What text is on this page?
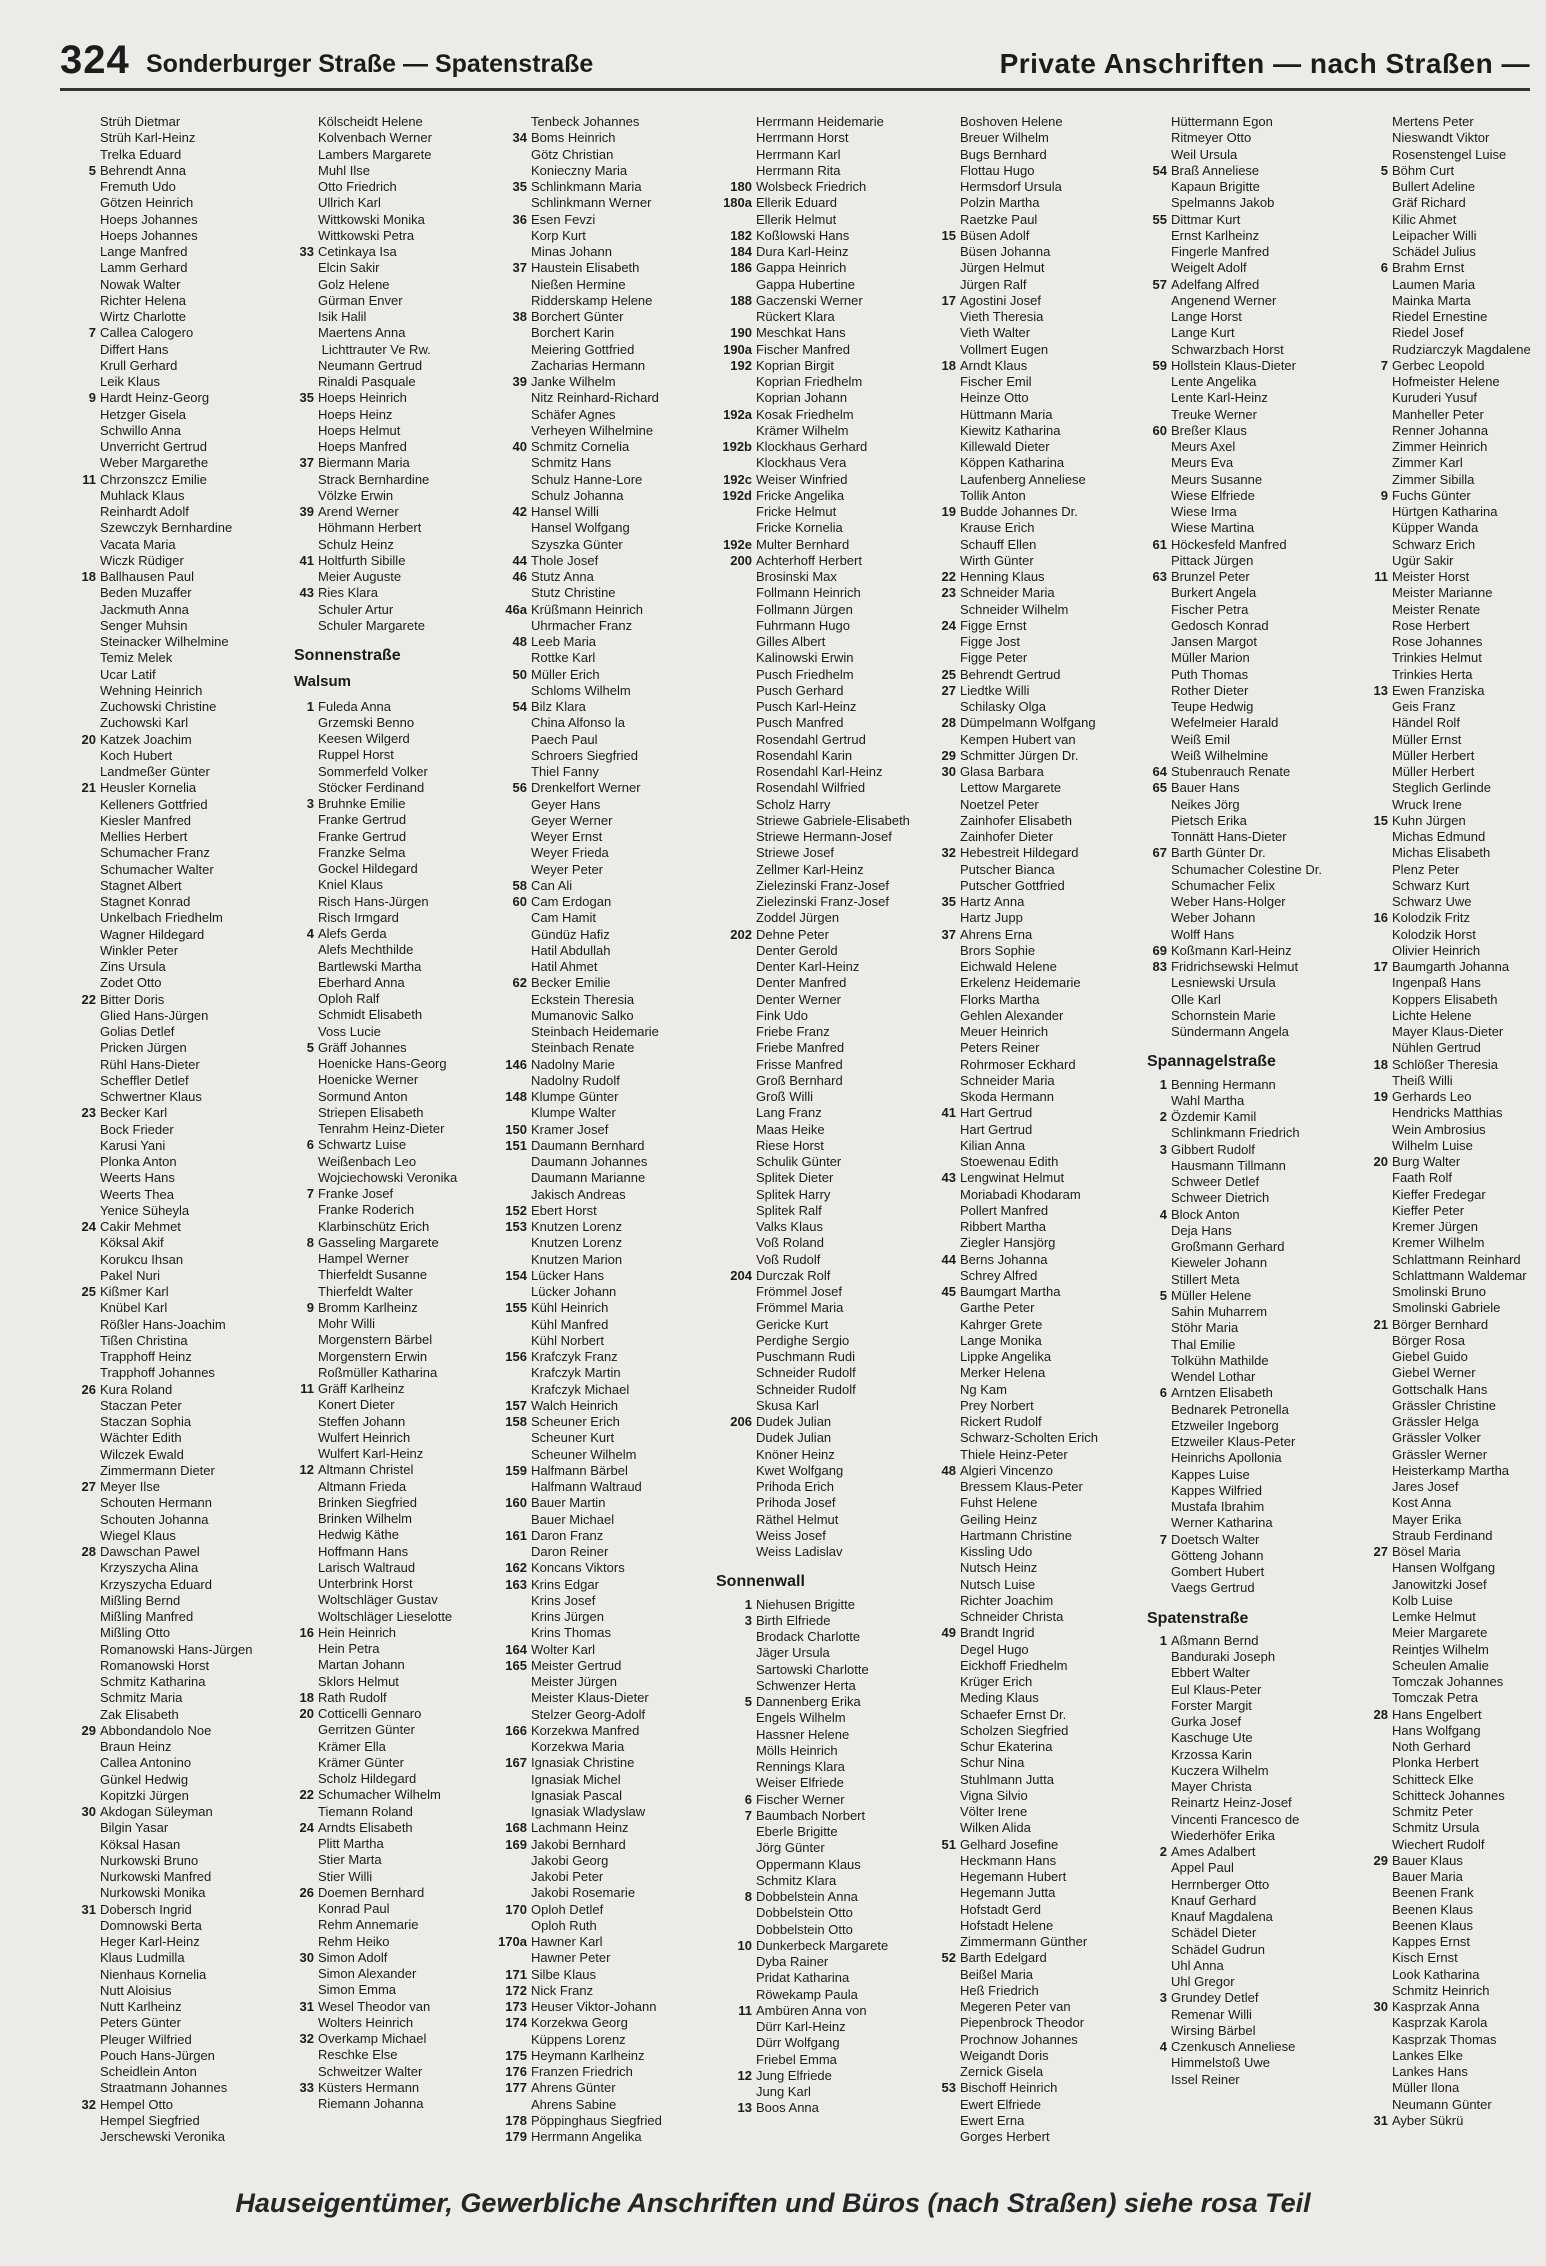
324 Sonderburger Straße — Spatenstraße	Private Anschriften — nach Straßen —
Strüh Dietmar
Strüh Karl-Heinz
Trelka Eduard
5 Behrendt Anna
Fremuth Udo
Götzen Heinrich
Hoeps Johannes
Hoeps Johannes
Lange Manfred
Lamm Gerhard
Nowak Walter
Richter Helena
Wirtz Charlotte
7 Callea Calogero
Differt Hans
Krull Gerhard
Leik Klaus
9 Hardt Heinz-Georg
Hetzger Gisela
Schwillo Anna
Unverricht Gertrud
Weber Margarethe
11 Chrzonszcz Emilie
Muhlack Klaus
Reinhardt Adolf
Szewczyk Bernhardine
Vacata Maria
Wiczk Rüdiger
18 Ballhausen Paul
Beden Muzaffer
Jackmuth Anna
Senger Muhsin
Steinacker Wilhelmine
Temiz Melek
Ucar Latif
Wehning Heinrich
Zuchowski Christine
Zuchowski Karl
20 Katzek Joachim
Koch Hubert
Landmeßer Günter
21 Heusler Kornelia
Kelleners Gottfried
Kiesler Manfred
Mellies Herbert
Schumacher Franz
Schumacher Walter
Stagnet Albert
Stagnet Konrad
Unkelbach Friedhelm
Wagner Hildegard
Winkler Peter
Zins Ursula
Zodet Otto
22 Bitter Doris
Glied Hans-Jürgen
Golias Detlef
Pricken Jürgen
Rühl Hans-Dieter
Scheffler Detlef
Schwertner Klaus
23 Becker Karl
Bock Frieder
Karusi Yani
Plonka Anton
Weerts Hans
Weerts Thea
Yenice Süheyla
24 Cakir Mehmet
Köksal Akif
Korukcu Ihsan
Pakel Nuri
25 Kißmer Karl
Knübel Karl
Rößler Hans-Joachim
Tißen Christina
Trapphoff Heinz
Trapphoff Johannes
26 Kura Roland
Staczan Peter
Staczan Sophia
Wächter Edith
Wilczek Ewald
Zimmermann Dieter
27 Meyer Ilse
Schouten Hermann
Schouten Johanna
Wiegel Klaus
28 Dawschan Pawel
Krzyszycha Alina
Krzyszycha Eduard
Mißling Bernd
Mißling Manfred
Mißling Otto
Romanowski Hans-Jürgen
Romanowski Horst
Schmitz Katharina
Schmitz Maria
Zak Elisabeth
29 Abbondandolo Noe
Braun Heinz
Callea Antonino
Günkel Hedwig
Kopitzki Jürgen
30 Akdogan Süleyman
Bilgin Yasar
Köksal Hasan
Nurkowski Bruno
Nurkowski Manfred
Nurkowski Monika
31 Dobersch Ingrid
Domnowski Berta
Heger Karl-Heinz
Klaus Ludmilla
Nienhaus Kornelia
Nutt Aloisius
Nutt Karlheinz
Peters Günter
Pleuger Wilfried
Pouch Hans-Jürgen
Scheidlein Anton
Straatmann Johannes
32 Hempel Otto
Hempel Siegfried
Jerschewski Veronika
Kölscheidt Helene
Kolvenbach Werner
Lambers Margarete
Muhl Ilse
Otto Friedrich
Ullrich Karl
Wittkowski Monika
Wittkowski Petra
33 Cetinkaya Isa
Elcin Sakir
Golz Helene
Gürman Enver
Isik Halil
Maertens Anna
Lichttrauter Ve Rw.
Neumann Gertrud
Rinaldi Pasquale
35 Hoeps Heinrich
Hoeps Heinz
Hoeps Helmut
Hoeps Manfred
37 Biermann Maria
Strack Bernhardine
Völzke Erwin
39 Arend Werner
Höhmann Herbert
Schulz Heinz
41 Holtfurth Sibille
Meier Auguste
43 Ries Klara
Schuler Artur
Schuler Margarete
Sonnenstraße
Walsum
1 Fuleda Anna
Grzemski Benno
Keesen Wilgerd
Ruppel Horst
Sommerfeld Volker
Stöcker Ferdinand
3 Bruhnke Emilie
Franke Gertrud
Franke Gertrud
Franzke Selma
Gockel Hildegard
Kniel Klaus
Risch Hans-Jürgen
Risch Irmgard
4 Alefs Gerda
Alefs Mechthilde
Bartlewski Martha
Eberhard Anna
Oploh Ralf
Schmidt Elisabeth
Voss Lucie
5 Gräff Johannes
Hoenicke Hans-Georg
Hoenicke Werner
Sormund Anton
Striepen Elisabeth
Tenrahm Heinz-Dieter
6 Schwartz Luise
Weißenbach Leo
Wojciechowski Veronika
7 Franke Josef
Franke Roderich
Klarbinschütz Erich
8 Gasseling Margarete
Hampel Werner
Thierfeldt Susanne
Thierfeldt Walter
9 Bromm Karlheinz
Mohr Willi
Morgenstern Bärbel
Morgenstern Erwin
Roßmüller Katharina
11 Gräff Karlheinz
Konert Dieter
Steffen Johann
Wulfert Heinrich
Wulfert Karl-Heinz
12 Altmann Christel
Altmann Frieda
Brinken Siegfried
Brinken Wilhelm
Hedwig Käthe
Hoffmann Hans
Larisch Waltraud
Unterbrink Horst
Woltschläger Gustav
Woltschläger Lieselotte
16 Hein Heinrich
Hein Petra
Martan Johann
Sklors Helmut
18 Rath Rudolf
20 Cotticelli Gennaro
Gerritzen Günter
Krämer Ella
Krämer Günter
Scholz Hildegard
22 Schumacher Wilhelm
Tiemann Roland
24 Arndts Elisabeth
Plitt Martha
Stier Marta
Stier Willi
26 Doemen Bernhard
Konrad Paul
Rehm Annemarie
Rehm Heiko
30 Simon Adolf
Simon Alexander
Simon Emma
31 Wesel Theodor van
Wolters Heinrich
32 Overkamp Michael
Reschke Else
Schweitzer Walter
33 Küsters Hermann
Riemann Johanna
Tenbeck Johannes
34 Boms Heinrich
Götz Christian
Konieczny Maria
35 Schlinkmann Maria
Schlinkmann Werner
36 Esen Fevzi
Korp Kurt
Minas Johann
37 Haustein Elisabeth
Nießen Hermine
Ridderskamp Helene
38 Borchert Günter
Borchert Karin
Meiering Gottfried
Zacharias Hermann
39 Janke Wilhelm
Nitz Reinhard-Richard
Schäfer Agnes
Verheyen Wilhelmine
40 Schmitz Cornelia
Schmitz Hans
Schulz Hanne-Lore
Schulz Johanna
42 Hansel Willi
Hansel Wolfgang
Szyszka Günter
44 Thole Josef
46 Stutz Anna
Stutz Christine
46a Krüßmann Heinrich
Uhrmacher Franz
48 Leeb Maria
Rottke Karl
50 Müller Erich
Schloms Wilhelm
54 Bilz Klara
China Alfonso la
Paech Paul
Schroers Siegfried
Thiel Fanny
56 Drenkelfort Werner
Geyer Hans
Geyer Werner
Weyer Ernst
Weyer Frieda
Weyer Peter
58 Can Ali
60 Cam Erdogan
Cam Hamit
Gündüz Hafiz
Hatil Abdullah
Hatil Ahmet
62 Becker Emilie
Eckstein Theresia
Mumanovic Salko
Steinbach Heidemarie
Steinbach Renate
146 Nadolny Marie
Nadolny Rudolf
148 Klumpe Günter
Klumpe Walter
150 Kramer Josef
151 Daumann Bernhard
Daumann Johannes
Daumann Marianne
Jakisch Andreas
152 Ebert Horst
153 Knutzen Lorenz
Knutzen Lorenz
Knutzen Marion
154 Lücker Hans
Lücker Johann
155 Kühl Heinrich
Kühl Manfred
Kühl Norbert
156 Krafczyk Franz
Krafczyk Martin
Krafczyk Michael
157 Walch Heinrich
158 Scheuner Erich
Scheuner Kurt
Scheuner Wilhelm
159 Halfmann Bärbel
Halfmann Waltraud
160 Bauer Martin
Bauer Michael
161 Daron Franz
Daron Reiner
162 Koncans Viktors
163 Krins Edgar
Krins Josef
Krins Jürgen
Krins Thomas
164 Wolter Karl
165 Meister Gertrud
Meister Jürgen
Meister Klaus-Dieter
Stelzer Georg-Adolf
166 Korzekwa Manfred
Korzekwa Maria
167 Ignasiak Christine
Ignasiak Michel
Ignasiak Pascal
Ignasiak Wladyslaw
168 Lachmann Heinz
169 Jakobi Bernhard
Jakobi Georg
Jakobi Peter
Jakobi Rosemarie
170 Oploh Detlef
Oploh Ruth
170a Hawner Karl
Hawner Peter
171 Silbe Klaus
172 Nick Franz
173 Heuser Viktor-Johann
174 Korzekwa Georg
Küppens Lorenz
175 Heymann Karlheinz
176 Franzen Friedrich
177 Ahrens Günter
Ahrens Sabine
178 Pöppinghaus Siegfried
179 Herrmann Angelika
Herrmann Heidemarie
Herrmann Horst
Herrmann Karl
Herrmann Rita
180 Wolsbeck Friedrich
180a Ellerik Eduard
Ellerik Helmut
182 Koßlowski Hans
184 Dura Karl-Heinz
186 Gappa Heinrich
Gappa Hubertine
188 Gaczenski Werner
Rückert Klara
190 Meschkat Hans
190a Fischer Manfred
192 Koprian Birgit
Koprian Friedhelm
Koprian Johann
192a Kosak Friedhelm
Krämer Wilhelm
192b Klockhaus Gerhard
Klockhaus Vera
192c Weiser Winfried
192d Fricke Angelika
Fricke Helmut
Fricke Kornelia
192e Multer Bernhard
200 Achterhoff Herbert
Brosinski Max
Follmann Heinrich
Follmann Jürgen
Fuhrmann Hugo
Gilles Albert
Kalinowski Erwin
Pusch Friedhelm
Pusch Gerhard
Pusch Karl-Heinz
Pusch Manfred
Rosendahl Gertrud
Rosendahl Karin
Rosendahl Karl-Heinz
Rosendahl Wilfried
Scholz Harry
Striewe Gabriele-Elisabeth
Striewe Hermann-Josef
Striewe Josef
Zellmer Karl-Heinz
Zielezinski Franz-Josef
Zielezinski Franz-Josef
Zoddel Jürgen
202 Dehne Peter
Denter Gerold
Denter Karl-Heinz
Denter Manfred
Denter Werner
Fink Udo
Friebe Franz
Friebe Manfred
Frisse Manfred
Groß Bernhard
Groß Willi
Lang Franz
Maas Heike
Riese Horst
Schulik Günter
Splitek Dieter
Splitek Harry
Splitek Ralf
Valks Klaus
Voß Roland
Voß Rudolf
204 Durczak Rolf
Frömmel Josef
Frömmel Maria
Gericke Kurt
Perdighe Sergio
Puschmann Rudi
Schneider Rudolf
Schneider Rudolf
Skusa Karl
206 Dudek Julian
Dudek Julian
Knöner Heinz
Kwet Wolfgang
Prihoda Erich
Prihoda Josef
Räthel Helmut
Weiss Josef
Weiss Ladislav
Sonnenwall
1 Niehusen Brigitte
3 Birth Elfriede
Brodack Charlotte
Jäger Ursula
Sartowski Charlotte
Schwenzer Herta
5 Dannenberg Erika
Engels Wilhelm
Hassner Helene
Mölls Heinrich
Rennings Klara
Weiser Elfriede
6 Fischer Werner
7 Baumbach Norbert
Eberle Brigitte
Jörg Günter
Oppermann Klaus
Schmitz Klara
8 Dobbelstein Anna
Dobbelstein Otto
Dobbelstein Otto
10 Dunkerbeck Margarete
Dyba Rainer
Pridat Katharina
Röwekamp Paula
11 Ambüren Anna von
Dürr Karl-Heinz
Dürr Wolfgang
Friebel Emma
12 Jung Elfriede
Jung Karl
13 Boos Anna
Boshoven Helene
Breuer Wilhelm
Bugs Bernhard
Flottau Hugo
Hermsdorf Ursula
Polzin Martha
Raetzke Paul
15 Büsen Adolf
Büsen Johanna
Jürgen Helmut
Jürgen Ralf
17 Agostini Josef
Vieth Theresia
Vieth Walter
Vollmert Eugen
18 Arndt Klaus
Fischer Emil
Heinze Otto
Hüttmann Maria
Kiewitz Katharina
Killewald Dieter
Köppen Katharina
Laufenberg Anneliese
Tollik Anton
19 Budde Johannes Dr.
Krause Erich
Schauff Ellen
Wirth Günter
22 Henning Klaus
23 Schneider Maria
Schneider Wilhelm
24 Figge Ernst
Figge Jost
Figge Peter
25 Behrendt Gertrud
27 Liedtke Willi
Schilasky Olga
28 Dümpelmann Wolfgang
Kempen Hubert van
29 Schmitter Jürgen Dr.
30 Glasa Barbara
Lettow Margarete
Noetzel Peter
Zainhofer Elisabeth
Zainhofer Dieter
32 Hebestreit Hildegard
Putscher Bianca
Putscher Gottfried
35 Hartz Anna
Hartz Jupp
37 Ahrens Erna
Brors Sophie
Eichwald Helene
Erkelenz Heidemarie
Florks Martha
Gehlen Alexander
Meuer Heinrich
Peters Reiner
Rohrmoser Eckhard
Schneider Maria
Skoda Hermann
41 Hart Gertrud
Hart Gertrud
Kilian Anna
Stoewenau Edith
43 Lengwinat Helmut
Moriabadi Khodaram
Pollert Manfred
Ribbert Martha
Ziegler Hansjörg
44 Berns Johanna
Schrey Alfred
45 Baumgart Martha
Garthe Peter
Kahrger Grete
Lange Monika
Lippke Angelika
Merker Helena
Ng Kam
Prey Norbert
Rickert Rudolf
Schwarz-Scholten Erich
Thiele Heinz-Peter
48 Algieri Vincenzo
Bressem Klaus-Peter
Fuhst Helene
Geiling Heinz
Hartmann Christine
Kissling Udo
Nutsch Heinz
Nutsch Luise
Richter Joachim
Schneider Christa
49 Brandt Ingrid
Degel Hugo
Eickhoff Friedhelm
Krüger Erich
Meding Klaus
Schaefer Ernst Dr.
Scholzen Siegfried
Schur Ekaterina
Schur Nina
Stuhlmann Jutta
Vigna Silvio
Völter Irene
Wilken Alida
51 Gelhard Josefine
Heckmann Hans
Hegemann Hubert
Hegemann Jutta
Hofstadt Gerd
Hofstadt Helene
Zimmermann Günther
52 Barth Edelgard
Beißel Maria
Heß Friedrich
Megeren Peter van
Piepenbrock Theodor
Prochnow Johannes
Weigandt Doris
Zernick Gisela
53 Bischoff Heinrich
Ewert Elfriede
Ewert Erna
Gorges Herbert
Hüttermann Egon
Ritmeyer Otto
Weil Ursula
54 Braß Anneliese
Kapaun Brigitte
Spelmanns Jakob
55 Dittmar Kurt
Ernst Karlheinz
Fingerle Manfred
Weigelt Adolf
57 Adelfang Alfred
Angenend Werner
Lange Horst
Lange Kurt
Schwarzbach Horst
59 Hollstein Klaus-Dieter
Lente Angelika
Lente Karl-Heinz
Treuke Werner
60 Breßer Klaus
Meurs Axel
Meurs Eva
Meurs Susanne
Wiese Elfriede
Wiese Irma
Wiese Martina
61 Höckesfeld Manfred
Pittack Jürgen
63 Brunzel Peter
Burkert Angela
Fischer Petra
Gedosch Konrad
Jansen Margot
Müller Marion
Puth Thomas
Rother Dieter
Teupe Hedwig
Wefelmeier Harald
Weiß Emil
Weiß Wilhelmine
64 Stubenrauch Renate
65 Bauer Hans
Neikes Jörg
Pietsch Erika
Tonnätt Hans-Dieter
67 Barth Günter Dr.
Schumacher Colestine Dr.
Schumacher Felix
Weber Hans-Holger
Weber Johann
Wolff Hans
69 Koßmann Karl-Heinz
83 Fridrichsewski Helmut
Lesniewski Ursula
Olle Karl
Schornstein Marie
Sündermann Angela
Spannagelstraße
1 Benning Hermann
Wahl Martha
2 Özdemir Kamil
Schlinkmann Friedrich
3 Gibbert Rudolf
Hausmann Tillmann
Schweer Detlef
Schweer Dietrich
4 Block Anton
Deja Hans
Großmann Gerhard
Kieweler Johann
Stillert Meta
5 Müller Helene
Sahin Muharrem
Stöhr Maria
Thal Emilie
Tolkühn Mathilde
Wendel Lothar
6 Arntzen Elisabeth
Bednarek Petronella
Etzweiler Ingeborg
Etzweiler Klaus-Peter
Heinrichs Apollonia
Kappes Luise
Kappes Wilfried
Mustafa Ibrahim
Werner Katharina
7 Doetsch Walter
Götteng Johann
Gombert Hubert
Vaegs Gertrud
Spatenstraße
1 Aßmann Bernd
Banduraki Joseph
Ebbert Walter
Eul Klaus-Peter
Forster Margit
Gurka Josef
Kaschuge Ute
Krzossa Karin
Kuczera Wilhelm
Mayer Christa
Reinartz Heinz-Josef
Vincenti Francesco de
Wiederhöfer Erika
2 Ames Adalbert
Appel Paul
Herrnberger Otto
Knauf Gerhard
Knauf Magdalena
Schädel Dieter
Schädel Gudrun
Uhl Anna
Uhl Gregor
3 Grundey Detlef
Remenar Willi
Wirsing Bärbel
4 Czenkusch Anneliese
Himmelstoß Uwe
Issel Reiner
Mertens Peter
Nieswandt Viktor
Rosenstengel Luise
5 Böhm Curt
Bullert Adeline
Gräf Richard
Kilic Ahmet
Leipacher Willi
Schädel Julius
6 Brahm Ernst
Laumen Maria
Mainka Marta
Riedel Ernestine
Riedel Josef
Rudziarczyk Magdalene
7 Gerbec Leopold
Hofmeister Helene
Kuruderi Yusuf
Manheller Peter
Renner Johanna
Zimmer Heinrich
Zimmer Karl
Zimmer Sibilla
9 Fuchs Günter
Hürtgen Katharina
Küpper Wanda
Schwarz Erich
Ugür Sakir
11 Meister Horst
Meister Marianne
Meister Renate
Rose Herbert
Rose Johannes
Trinkies Helmut
Trinkies Herta
13 Ewen Franziska
Geis Franz
Händel Rolf
Müller Ernst
Müller Herbert
Müller Herbert
Steglich Gerlinde
Wruck Irene
15 Kuhn Jürgen
Michas Edmund
Michas Elisabeth
Plenz Peter
Schwarz Kurt
Schwarz Uwe
16 Kolodzik Fritz
Kolodzik Horst
Olivier Heinrich
17 Baumgarth Johanna
Ingenpaß Hans
Koppers Elisabeth
Lichte Helene
Mayer Klaus-Dieter
Nühlen Gertrud
18 Schlößer Theresia
Theiß Willi
19 Gerhards Leo
Hendricks Matthias
Wein Ambrosius
Wilhelm Luise
20 Burg Walter
Faath Rolf
Kieffer Fredegar
Kieffer Peter
Kremer Jürgen
Kremer Wilhelm
Schlattmann Reinhard
Schlattmann Waldemar
Smolinski Bruno
Smolinski Gabriele
21 Börger Bernhard
Börger Rosa
Giebel Guido
Giebel Werner
Gottschalk Hans
Grässler Christine
Grässler Helga
Grässler Volker
Grässler Werner
Heisterkamp Martha
Jares Josef
Kost Anna
Mayer Erika
Straub Ferdinand
27 Bösel Maria
Hansen Wolfgang
Janowitzki Josef
Kolb Luise
Lemke Helmut
Meier Margarete
Reintjes Wilhelm
Scheulen Amalie
Tomczak Johannes
Tomczak Petra
28 Hans Engelbert
Hans Wolfgang
Noth Gerhard
Plonka Herbert
Schitteck Elke
Schitteck Johannes
Schmitz Peter
Schmitz Ursula
Wiechert Rudolf
29 Bauer Klaus
Bauer Maria
Beenen Frank
Beenen Klaus
Beenen Klaus
Kappes Ernst
Kisch Ernst
Look Katharina
Schmitz Heinrich
30 Kasprzak Anna
Kasprzak Karola
Kasprzak Thomas
Lankes Elke
Lankes Hans
Müller Ilona
Neumann Günter
31 Ayber Sükrü
Hauseigentümer, Gewerbliche Anschriften und Büros (nach Straßen) siehe rosa Teil
